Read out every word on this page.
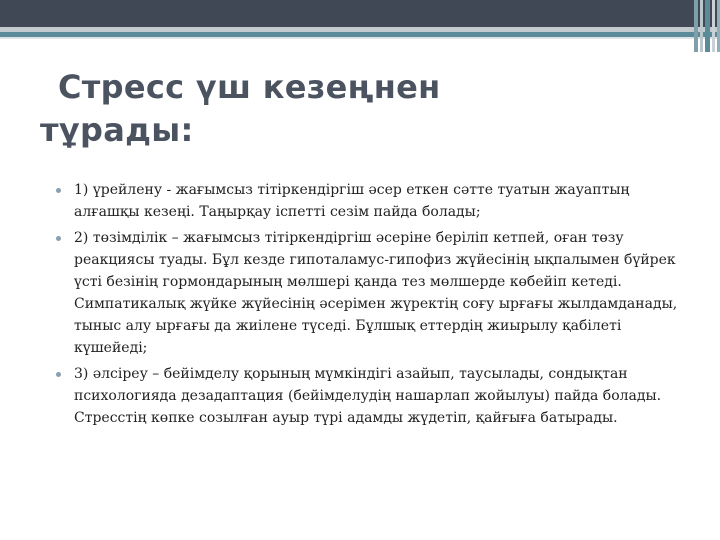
Стресс үш кезеңнен
тұрады:
1) үрейлену - жағымсыз тітіркендіргіш әсер еткен сәтте туатын жауаптың алғашқы кезеңі. Таңырқау іспетті сезім пайда болады;
2) төзімділік – жағымсыз тітіркендіргіш әсеріне беріліп кетпей, оған төзу реакциясы туады. Бұл кезде гипоталамус-гипофиз жүйесінің ықпалымен бүйрек үсті безінің гормондарының мөлшері қанда тез мөлшерде көбейіп кетеді. Симпатикалық жүйке жүйесінің әсерімен жүректің соғу ырғағы жылдамданады, тыныс алу ырғағы да жиілене түседі. Бұлшық еттердің жиырылу қабілеті күшейеді;
3) әлсіреу – бейімделу қорының мүмкіндігі азайып, таусылады, сондықтан психологияда дезадаптация (бейімделудің нашарлап жойылуы) пайда болады. Стресстің көпке созылған ауыр түрі адамды жүдетіп, қайғыға батырады.
